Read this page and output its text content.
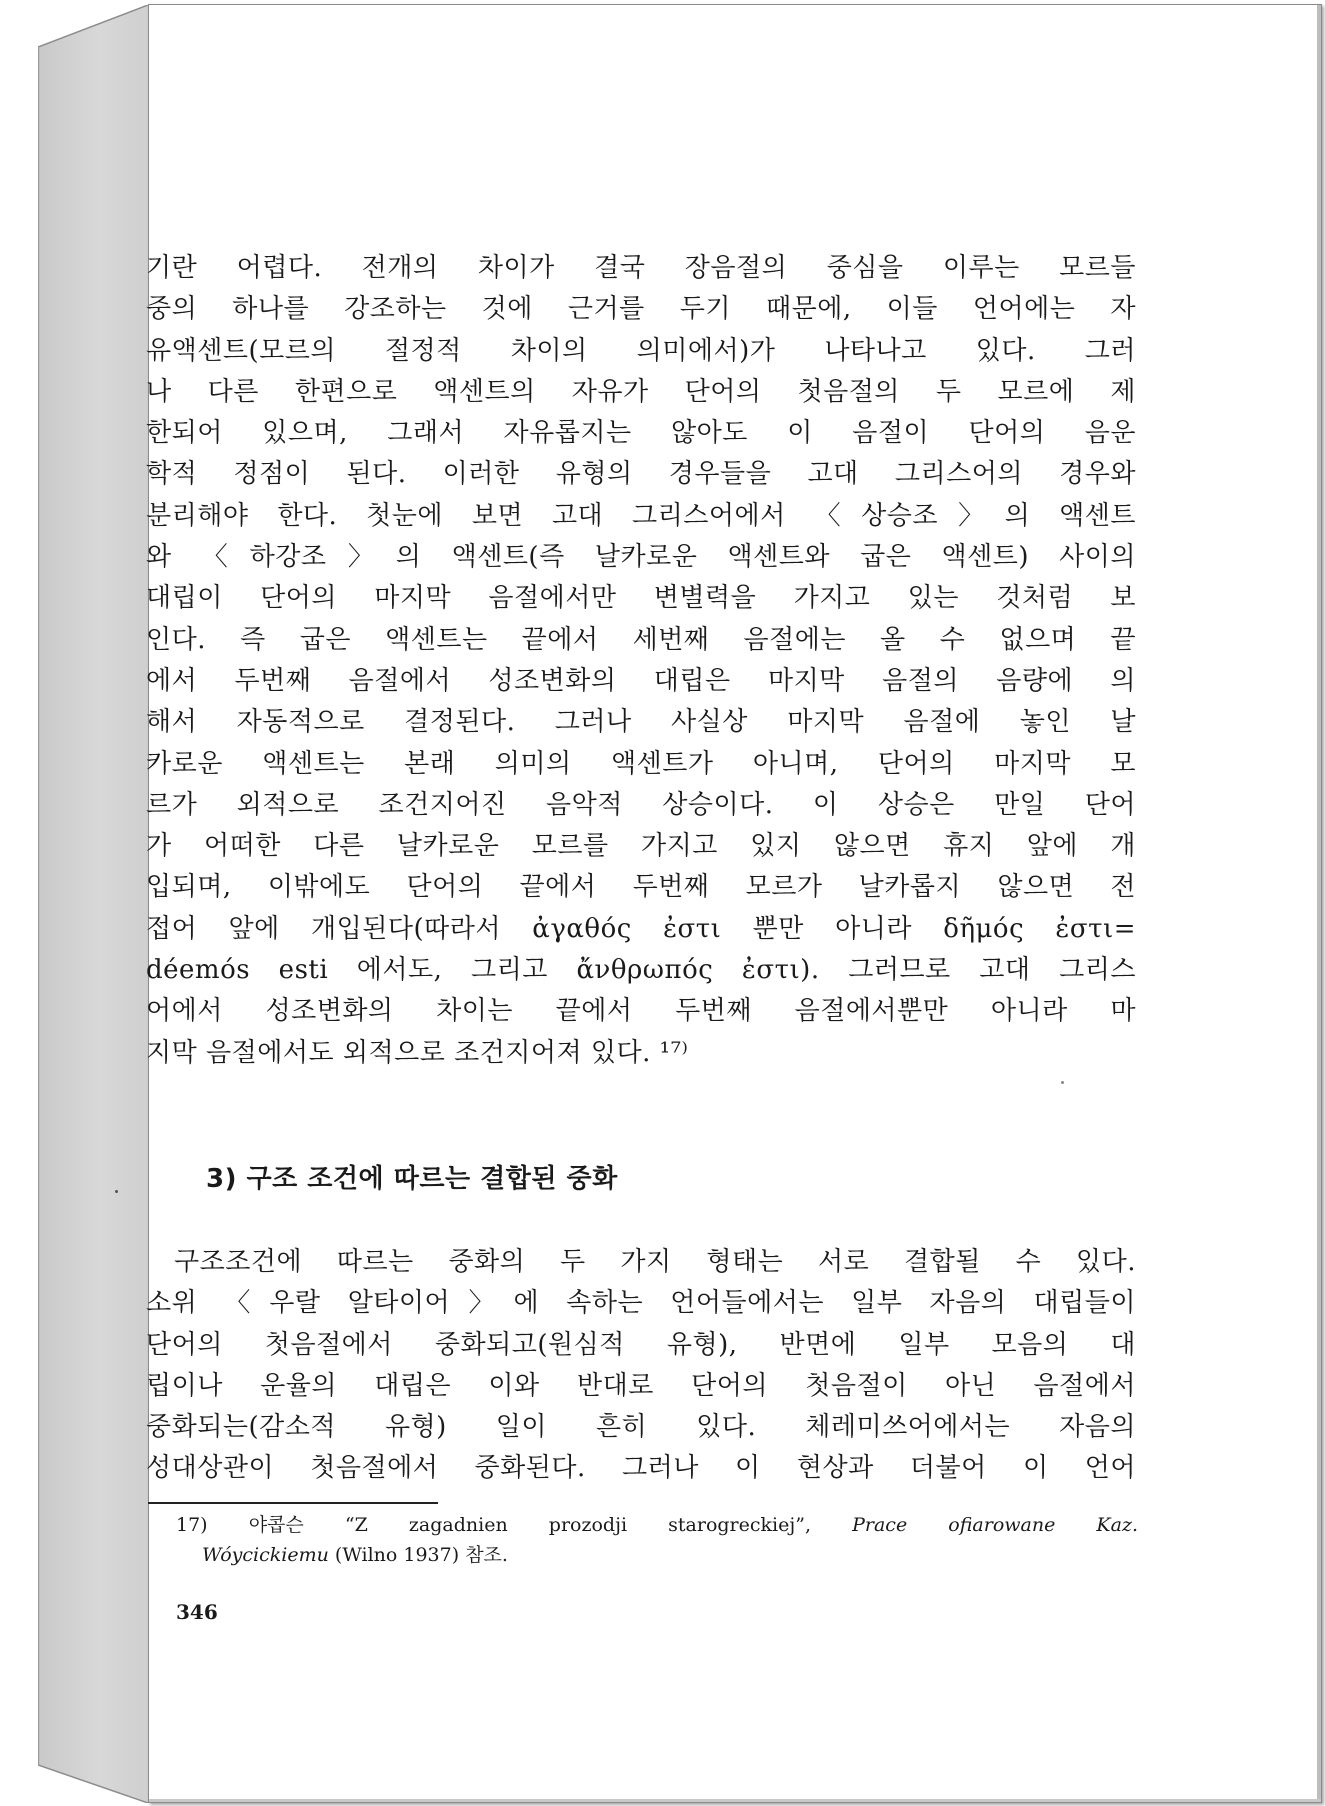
기란 어렵다. 전개의 차이가 결국 장음절의 중심을 이루는 모르들
중의 하나를 강조하는 것에 근거를 두기 때문에, 이들 언어에는 자
유액센트(모르의 절정적 차이의 의미에서)가 나타나고 있다. 그러
나 다른 한편으로 액센트의 자유가 단어의 첫음절의 두 모르에 제
한되어 있으며, 그래서 자유롭지는 않아도 이 음절이 단어의 음운
학적 정점이 된다. 이러한 유형의 경우들을 고대 그리스어의 경우와
분리해야 한다. 첫눈에 보면 고대 그리스어에서 〈상승조〉의 액센트
와 〈하강조〉의 액센트(즉 날카로운 액센트와 굽은 액센트) 사이의
대립이 단어의 마지막 음절에서만 변별력을 가지고 있는 것처럼 보
인다. 즉 굽은 액센트는 끝에서 세번째 음절에는 올 수 없으며 끝
에서 두번째 음절에서 성조변화의 대립은 마지막 음절의 음량에 의
해서 자동적으로 결정된다. 그러나 사실상 마지막 음절에 놓인 날
카로운 액센트는 본래 의미의 액센트가 아니며, 단어의 마지막 모
르가 외적으로 조건지어진 음악적 상승이다. 이 상승은 만일 단어
가 어떠한 다른 날카로운 모르를 가지고 있지 않으면 휴지 앞에 개
입되며, 이밖에도 단어의 끝에서 두번째 모르가 날카롭지 않으면 전
접어 앞에 개입된다(따라서 ἀγαθός ἐστι 뿐만 아니라 δῆμός ἐστι=
déemós esti 에서도, 그리고 ἄνθρωπός ἐστι). 그러므로 고대 그리스
어에서 성조변화의 차이는 끝에서 두번째 음절에서뿐만 아니라 마
지막 음절에서도 외적으로 조건지어져 있다. ¹⁷⁾
3) 구조 조건에 따르는 결합된 중화
구조조건에 따르는 중화의 두 가지 형태는 서로 결합될 수 있다.
소위 〈우랄 알타이어〉에 속하는 언어들에서는 일부 자음의 대립들이
단어의 첫음절에서 중화되고(원심적 유형), 반면에 일부 모음의 대
립이나 운율의 대립은 이와 반대로 단어의 첫음절이 아닌 음절에서
중화되는(감소적 유형) 일이 흔히 있다. 체레미쓰어에서는 자음의
성대상관이 첫음절에서 중화된다. 그러나 이 현상과 더불어 이 언어
17) 야콥슨 “Z zagadnien prozodji starogreckiej”, Prace ofiarowane Kaz.
Wóycickiemu (Wilno 1937) 참조.
346
